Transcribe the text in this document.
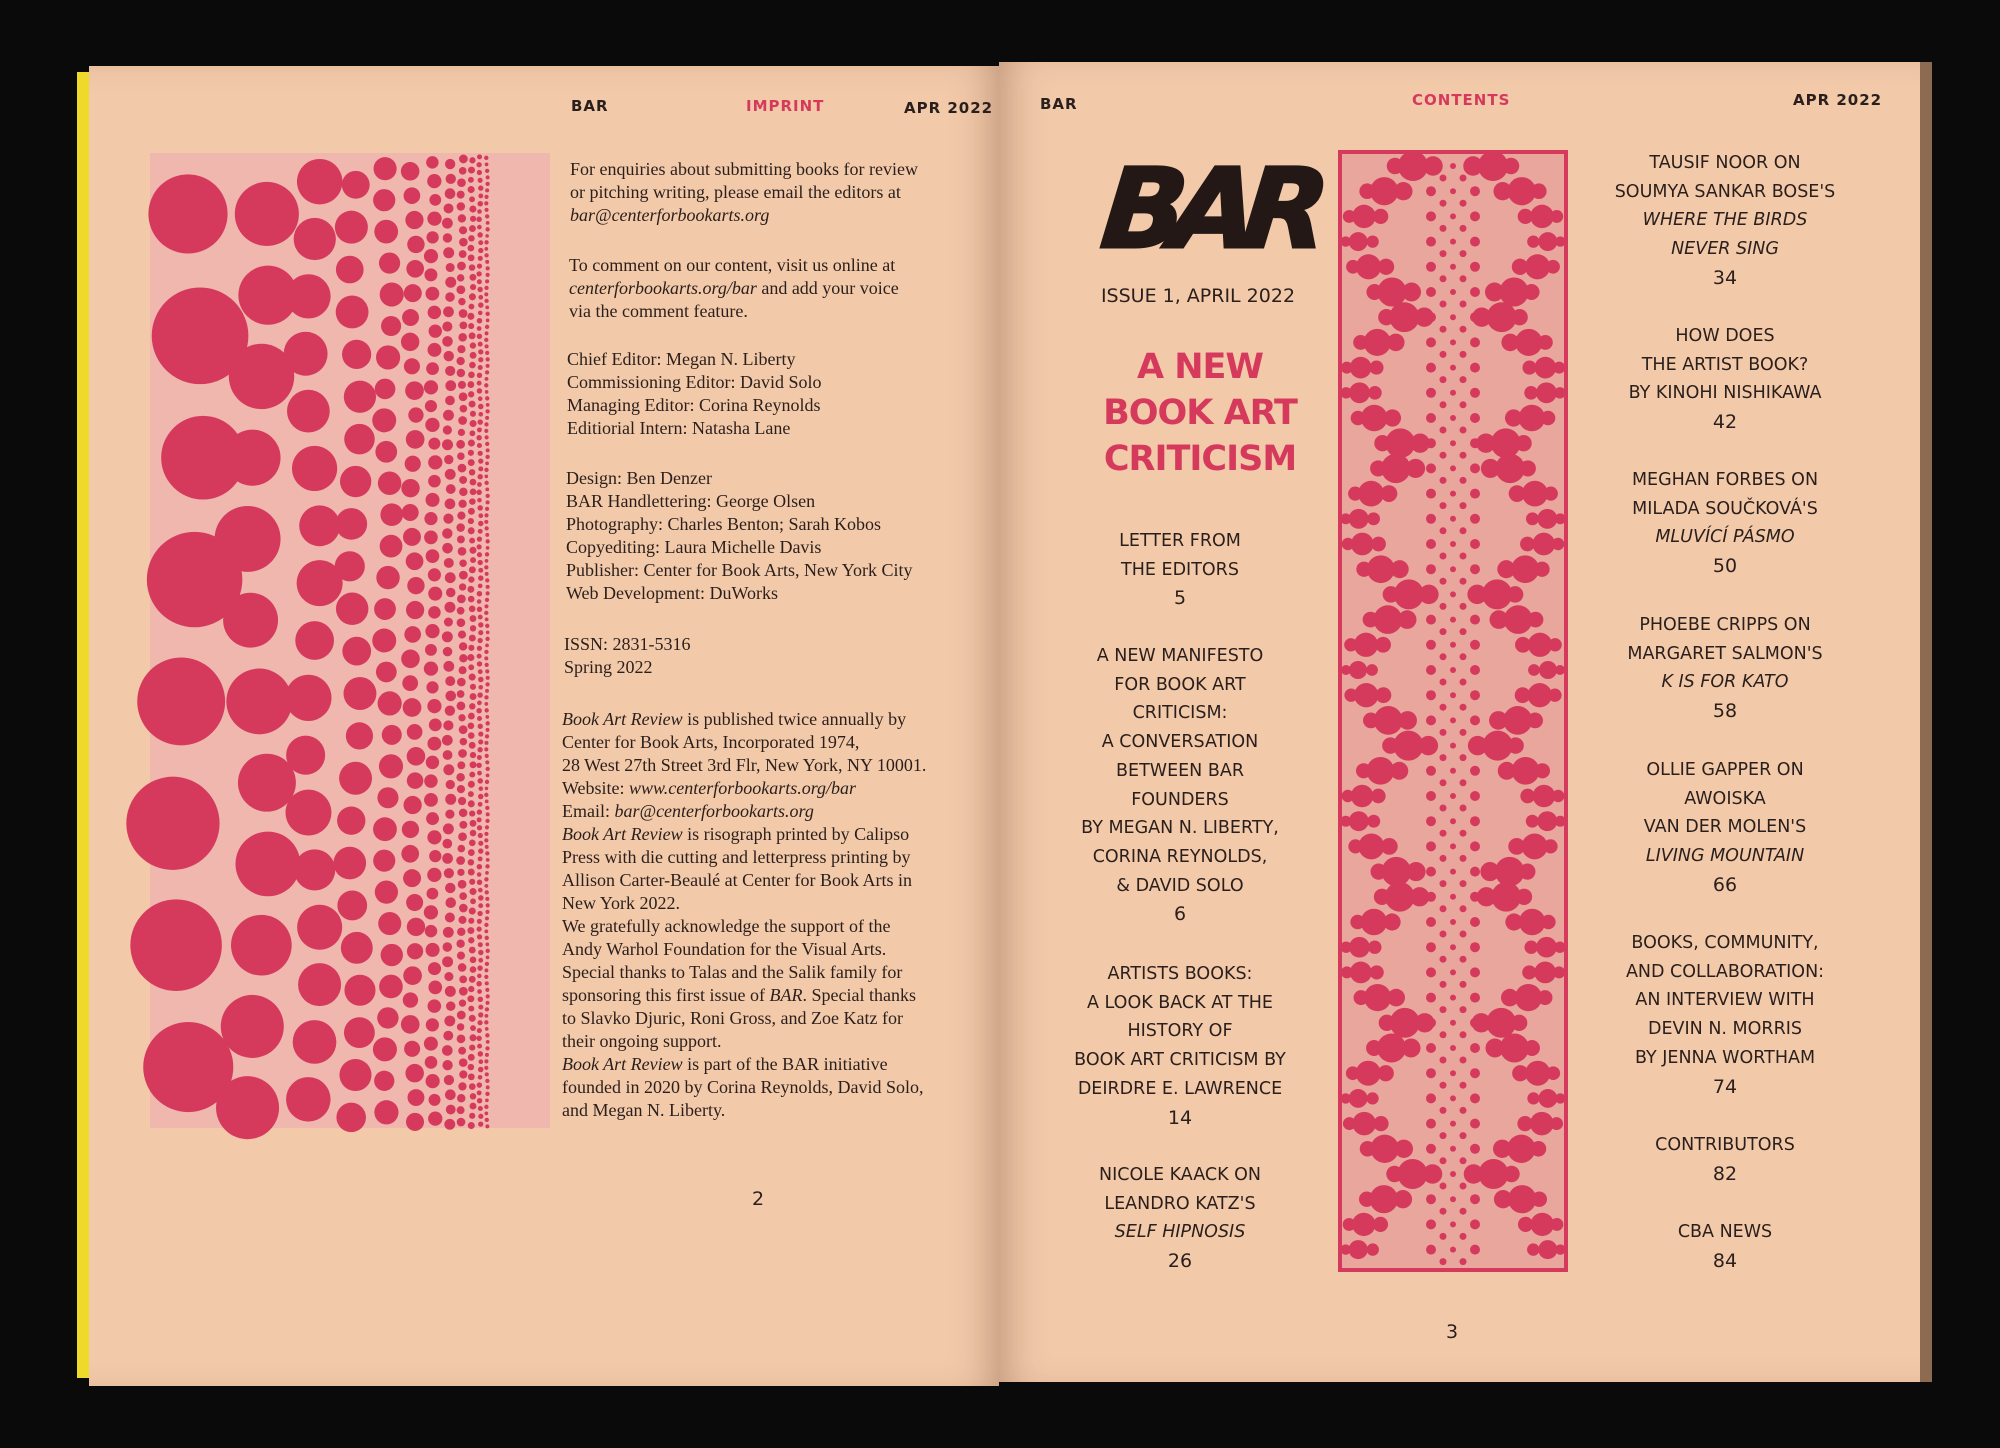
BAR	IMPRINT	APR 2022
For enquiries about submitting books for review
or pitching writing, please email the editors at
bar@centerforbookarts.org
To comment on our content, visit us online at
centerforbookarts.org/bar and add your voice
via the comment feature.
Chief Editor: Megan N. Liberty
Commissioning Editor: David Solo
Managing Editor: Corina Reynolds
Editiorial Intern: Natasha Lane
Design: Ben Denzer
BAR Handlettering: George Olsen
Photography: Charles Benton; Sarah Kobos
Copyediting: Laura Michelle Davis
Publisher: Center for Book Arts, New York City
Web Development: DuWorks
ISSN: 2831-5316
Spring 2022
Book Art Review is published twice annually by
Center for Book Arts, Incorporated 1974,
28 West 27th Street 3rd Flr, New York, NY 10001.
Website: www.centerforbookarts.org/bar
Email: bar@centerforbookarts.org
Book Art Review is risograph printed by Calipso
Press with die cutting and letterpress printing by
Allison Carter-Beaulé at Center for Book Arts in
New York 2022.
We gratefully acknowledge the support of the
Andy Warhol Foundation for the Visual Arts.
Special thanks to Talas and the Salik family for
sponsoring this first issue of BAR. Special thanks
to Slavko Djuric, Roni Gross, and Zoe Katz for
their ongoing support.
Book Art Review is part of the BAR initiative
founded in 2020 by Corina Reynolds, David Solo,
and Megan N. Liberty.
2
BAR	CONTENTS	APR 2022
BAR
ISSUE 1, APRIL 2022
A NEW
BOOK ART
CRITICISM
LETTER FROM
THE EDITORS
5
A NEW MANIFESTO
FOR BOOK ART
CRITICISM:
A CONVERSATION
BETWEEN BAR
FOUNDERS
BY MEGAN N. LIBERTY,
CORINA REYNOLDS,
& DAVID SOLO
6
ARTISTS BOOKS:
A LOOK BACK AT THE
HISTORY OF
BOOK ART CRITICISM BY
DEIRDRE E. LAWRENCE
14
NICOLE KAACK ON
LEANDRO KATZ'S
SELF HIPNOSIS
26
TAUSIF NOOR ON
SOUMYA SANKAR BOSE'S
WHERE THE BIRDS
NEVER SING
34
HOW DOES
THE ARTIST BOOK?
BY KINOHI NISHIKAWA
42
MEGHAN FORBES ON
MILADA SOUČKOVÁ'S
MLUVÍCÍ PÁSMO
50
PHOEBE CRIPPS ON
MARGARET SALMON'S
K IS FOR KATO
58
OLLIE GAPPER ON
AWOISKA
VAN DER MOLEN'S
LIVING MOUNTAIN
66
BOOKS, COMMUNITY,
AND COLLABORATION:
AN INTERVIEW WITH
DEVIN N. MORRIS
BY JENNA WORTHAM
74
CONTRIBUTORS
82
CBA NEWS
84
3
